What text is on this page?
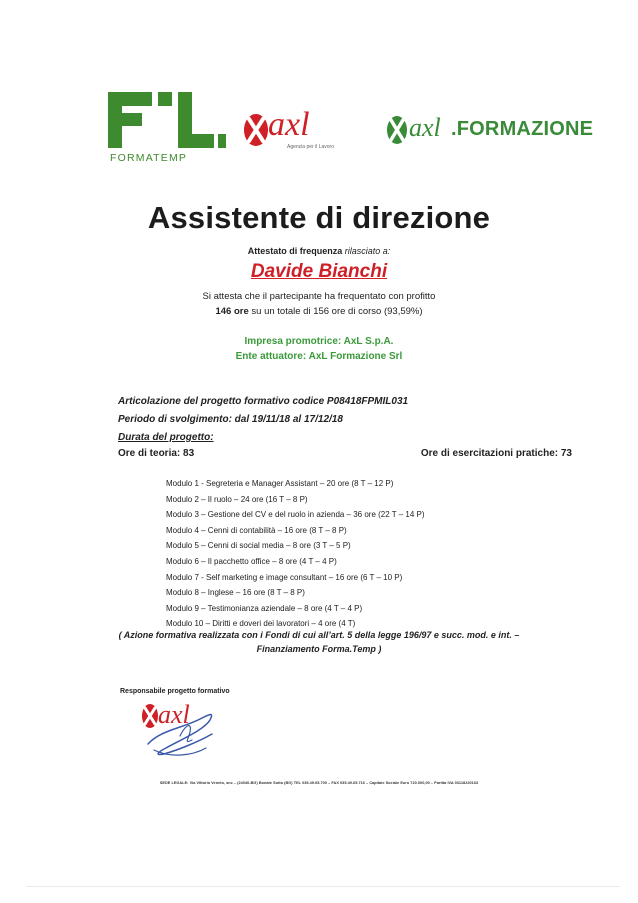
FORMATEMP
axl
Agenzia per il Lavoro
axl .FORMAZIONE
Assistente di direzione
Attestato di frequenza rilasciato a:
Davide Bianchi
Si attesta che il partecipante ha frequentato con profitto
146 ore su un totale di 156 ore di corso (93,59%)
Impresa promotrice: AxL S.p.A.
Ente attuatore: AxL Formazione Srl
Articolazione del progetto formativo codice P08418FPMIL031
Periodo di svolgimento: dal 19/11/18 al 17/12/18
Durata del progetto:
Ore di teoria: 83	Ore di esercitazioni pratiche: 73
Modulo 1 - Segreteria e Manager Assistant – 20 ore (8 T – 12 P)
Modulo 2 – Il ruolo – 24 ore (16 T – 8 P)
Modulo 3 – Gestione del CV e del ruolo in azienda – 36 ore (22 T – 14 P)
Modulo 4 – Cenni di contabilità – 16 ore (8 T – 8 P)
Modulo 5 – Cenni di social media – 8 ore (3 T – 5 P)
Modulo 6 – Il pacchetto office – 8 ore (4 T – 4 P)
Modulo 7 - Self marketing e image consultant – 16 ore (6 T – 10 P)
Modulo 8 – Inglese – 16 ore (8 T – 8 P)
Modulo 9 – Testimonianza aziendale – 8 ore (4 T – 4 P)
Modulo 10 – Diritti e doveri dei lavoratori – 4 ore (4 T)
( Azione formativa realizzata con i Fondi di cui all’art. 5 della legge 196/97 e succ. mod. e int. –
Finanziamento Forma.Temp )
Responsabile progetto formativo
axl
SEDE LEGALE: Via Vittorio Veneto, snc – (24040-BG) Bonate Sotto (BG) TEL 035.49.65.700 – FAX 035.49.65.716 – Capitale Sociale Euro 720.000,00 – Partita IVA 03118220163
